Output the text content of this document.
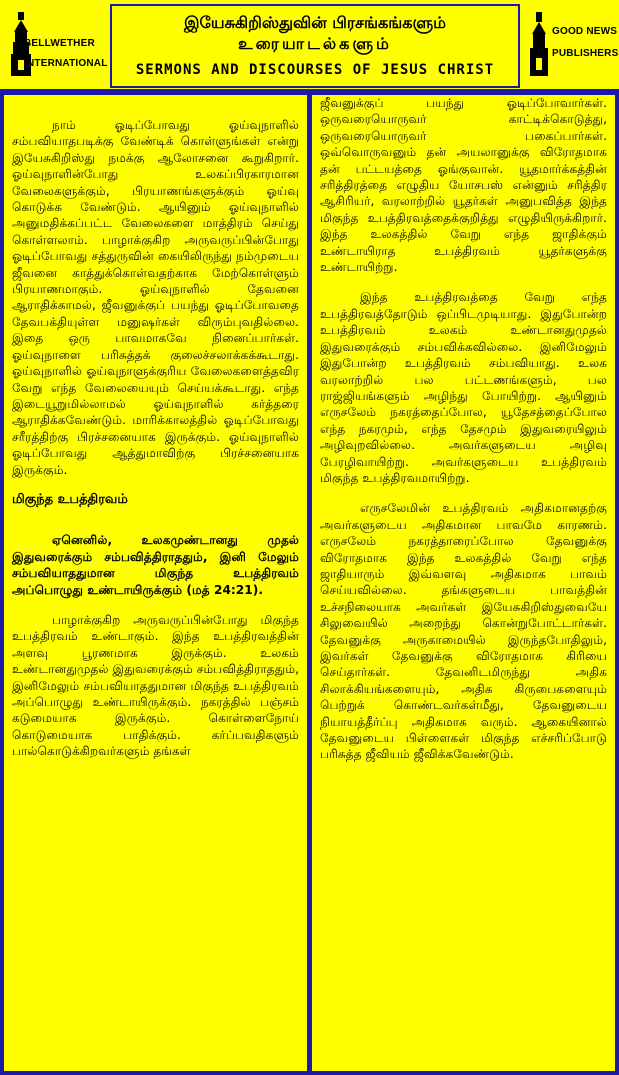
BELLWETHER
INTERNATIONAL
இயேசுகிறிஸ்துவின் பிரசங்கங்களும்
உரையாடல்களும்
SERMONS AND DISCOURSES OF JESUS CHRIST
GOOD NEWS
PUBLISHERS

நாம் ஓடிப்போவது ஓய்வுநாளில் சம்பவியாதபடிக்கு வேண்டிக் கொள்ளுங்கள் என்று இயேசுகிறிஸ்து நமக்கு ஆலோசனை கூறுகிறார். ஓய்வுநாளின்போது உலகப்பிரகாரமான வேலைகளுக்கும், பிரயாணங்களுக்கும் ஓய்வு கொடுக்க வேண்டும். ஆயினும் ஓய்வுநாளில் அனுமதிக்கப்பட்ட வேலைகளை மாத்திரம் செய்து கொள்ளலாம். பாழாக்குகிற அருவருப்பின்போது ஓடிப்போவது சத்துருவின் கையிலிருந்து நம்முடைய ஜீவனை காத்துக்கொள்வதற்காக மேற்கொள்ளும் பிரயாணமாகும். ஓய்வுநாளில் தேவனை ஆராதிக்காமல், ஜீவனுக்குப் பயந்து ஓடிப்போவதை தேவபக்தியுள்ள மனுஷர்கள் விரும்புவதில்லை. இதை ஒரு பாவமாகவே நினைப்பார்கள். ஓய்வுநாளை பரிசுத்தக் குலைச்சலாக்கக்கூடாது. ஓய்வுநாளில் ஓய்வுநாளுக்குரிய வேலைகளைத்தவிர வேறு எந்த வேலையையும் செய்யக்கூடாது. எந்த இடையூறுமில்லாமல் ஓய்வுநாளில் கர்த்தரை ஆராதிக்கவேண்டும். மாரிக்காலத்தில் ஓடிப்போவது சரீரத்திற்கு பிரச்சனையாக இருக்கும். ஓய்வுநாளில் ஓடிப்போவது ஆத்துமாவிற்கு பிரச்சனையாக இருக்கும்.

மிகுந்த உபத்திரவம்

ஏனெனில், உலகமுண்டானது முதல் இதுவரைக்கும் சம்பவித்திராததும், இனி மேலும் சம்பவியாததுமான மிகுந்த உபத்திரவம் அப்பொழுது உண்டாயிருக்கும் (மத் 24:21).

பாழாக்குகிற அருவருப்பின்போது மிகுந்த உபத்திரவம் உண்டாகும். இந்த உபத்திரவத்தின் அளவு பூரணமாக இருக்கும். உலகம் உண்டானதுமுதல் இதுவரைக்கும் சம்பவித்திராததும், இனிமேலும் சம்பவியாததுமான மிகுந்த உபத்திரவம் அப்பொழுது உண்டாயிருக்கும். நகரத்தில் பஞ்சம் கடுமையாக இருக்கும். கொள்ளைநோய் கொடுமையாக பாதிக்கும். கர்ப்பவதிகளும் பால்கொடுக்கிறவர்களும் தங்கள்

ஜீவனுக்குப் பயந்து ஓடிப்போவார்கள். ஒருவரையொருவர் காட்டிக்கொடுத்து, ஒருவரையொருவர் பகைப்பார்கள். ஒவ்வொருவனும் தன் அயலானுக்கு விரோதமாக தன் பட்டயத்தை ஓங்குவான். யூதமார்க்கத்தின் சரித்திரத்தை எழுதிய யோசபஸ் என்னும் சரித்திர ஆசிரியர், வரலாற்றில் யூதர்கள் அனுபவித்த இந்த மிகுந்த உபத்திரவத்தைக்குறித்து எழுதியிருக்கிறார். இந்த உலகத்தில் வேறு எந்த ஜாதிக்கும் உண்டாயிராத உபத்திரவம் யூதர்களுக்கு உண்டாயிற்று.

இந்த உபத்திரவத்தை வேறு எந்த உபத்திரவத்தோடும் ஒப்பிடமுடியாது. இதுபோன்ற உபத்திரவம் உலகம் உண்டானதுமுதல் இதுவரைக்கும் சம்பவிக்கவில்லை. இனிமேலும் இதுபோன்ற உபத்திரவம் சம்பவியாது. உலக வரலாற்றில் பல பட்டணங்களும், பல ராஜ்ஜியங்களும் அழிந்து போயிற்று. ஆயினும் எருசலேம் நகரத்தைப்போல, யூதேசத்தைப்போல எந்த நகரமும், எந்த தேசமும் இதுவரையிலும் அழிவுறவில்லை. அவர்களுடைய அழிவு பேரழிவாயிற்று. அவர்களுடைய உபத்திரவம் மிகுந்த உபத்திரவமாயிற்று.

எருசலேமின் உபத்திரவம் அதிகமானதற்கு அவர்களுடைய அதிகமான பாவமே காரணம். எருசலேம் நகரத்தாரைப்போல தேவனுக்கு விரோதமாக இந்த உலகத்தில் வேறு எந்த ஜாதியாரும் இவ்வளவு அதிகமாக பாவம் செய்யவில்லை. தங்களுடைய பாவத்தின் உச்சநிலையாக அவர்கள் இயேசுகிறிஸ்துவையே சிலுவையில் அறைந்து கொன்றுபோட்டார்கள். தேவனுக்கு அருகாமையில் இருந்தபோதிலும், இவர்கள் தேவனுக்கு விரோதமாக கிரியை செய்தார்கள். தேவனிடமிருந்து அதிக சிலாக்கியங்களையும், அதிக கிருபைகளையும் பெற்றுக் கொண்டவர்கள்மீது, தேவனுடைய நியாயத்தீர்ப்பு அதிகமாக வரும். ஆகையினால் தேவனுடைய பிள்ளைகள் மிகுந்த எச்சரிப்போடு பரிசுத்த ஜீவியம் ஜீவிக்கவேண்டும்.
